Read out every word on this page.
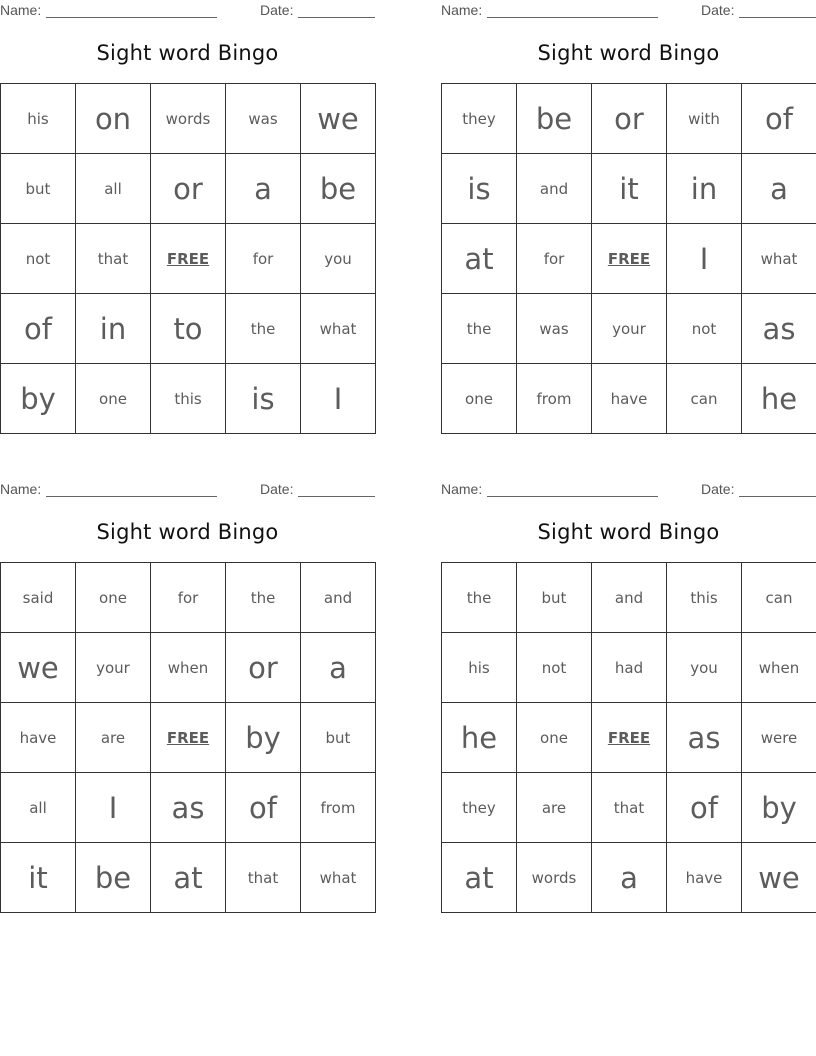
Name:	Date:
Sight word Bingo
his	on	words	was	we
but	all	or	a	be
not	that	FREE	for	you
of	in	to	the	what
by	one	this	is	I
Name:	Date:
Sight word Bingo
they	be	or	with	of
is	and	it	in	a
at	for	FREE	I	what
the	was	your	not	as
one	from	have	can	he
Name:	Date:
Sight word Bingo
said	one	for	the	and
we	your	when	or	a
have	are	FREE	by	but
all	I	as	of	from
it	be	at	that	what
Name:	Date:
Sight word Bingo
the	but	and	this	can
his	not	had	you	when
he	one	FREE	as	were
they	are	that	of	by
at	words	a	have	we
